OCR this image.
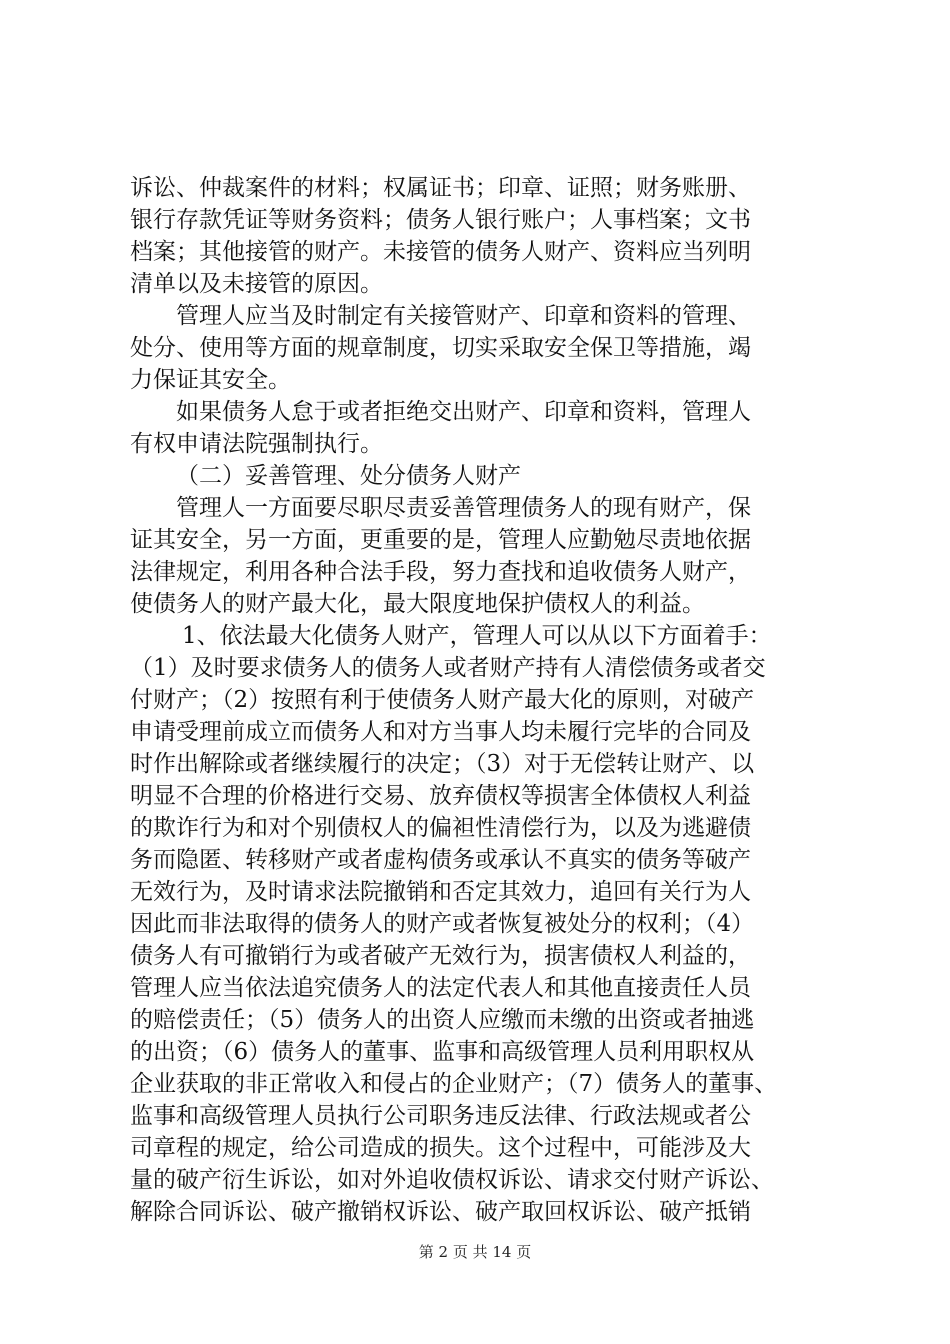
诉讼、仲裁案件的材料；权属证书；印章、证照；财务账册、
银行存款凭证等财务资料；债务人银行账户；人事档案；文书
档案；其他接管的财产。未接管的债务人财产、资料应当列明
清单以及未接管的原因。
管理人应当及时制定有关接管财产、印章和资料的管理、
处分、使用等方面的规章制度，切实采取安全保卫等措施，竭
力保证其安全。
如果债务人怠于或者拒绝交出财产、印章和资料，管理人
有权申请法院强制执行。
（二）妥善管理、处分债务人财产
管理人一方面要尽职尽责妥善管理债务人的现有财产，保
证其安全，另一方面，更重要的是，管理人应勤勉尽责地依据
法律规定，利用各种合法手段，努力查找和追收债务人财产，
使债务人的财产最大化，最大限度地保护债权人的利益。
1、依法最大化债务人财产，管理人可以从以下方面着手：
（1）及时要求债务人的债务人或者财产持有人清偿债务或者交
付财产；（2）按照有利于使债务人财产最大化的原则，对破产
申请受理前成立而债务人和对方当事人均未履行完毕的合同及
时作出解除或者继续履行的决定；（3）对于无偿转让财产、以
明显不合理的价格进行交易、放弃债权等损害全体债权人利益
的欺诈行为和对个别债权人的偏袒性清偿行为，以及为逃避债
务而隐匿、转移财产或者虚构债务或承认不真实的债务等破产
无效行为，及时请求法院撤销和否定其效力，追回有关行为人
因此而非法取得的债务人的财产或者恢复被处分的权利；（4）
债务人有可撤销行为或者破产无效行为，损害债权人利益的，
管理人应当依法追究债务人的法定代表人和其他直接责任人员
的赔偿责任；（5）债务人的出资人应缴而未缴的出资或者抽逃
的出资；（6）债务人的董事、监事和高级管理人员利用职权从
企业获取的非正常收入和侵占的企业财产；（7）债务人的董事、
监事和高级管理人员执行公司职务违反法律、行政法规或者公
司章程的规定，给公司造成的损失。这个过程中，可能涉及大
量的破产衍生诉讼，如对外追收债权诉讼、请求交付财产诉讼、
解除合同诉讼、破产撤销权诉讼、破产取回权诉讼、破产抵销
第 2 页 共 14 页
